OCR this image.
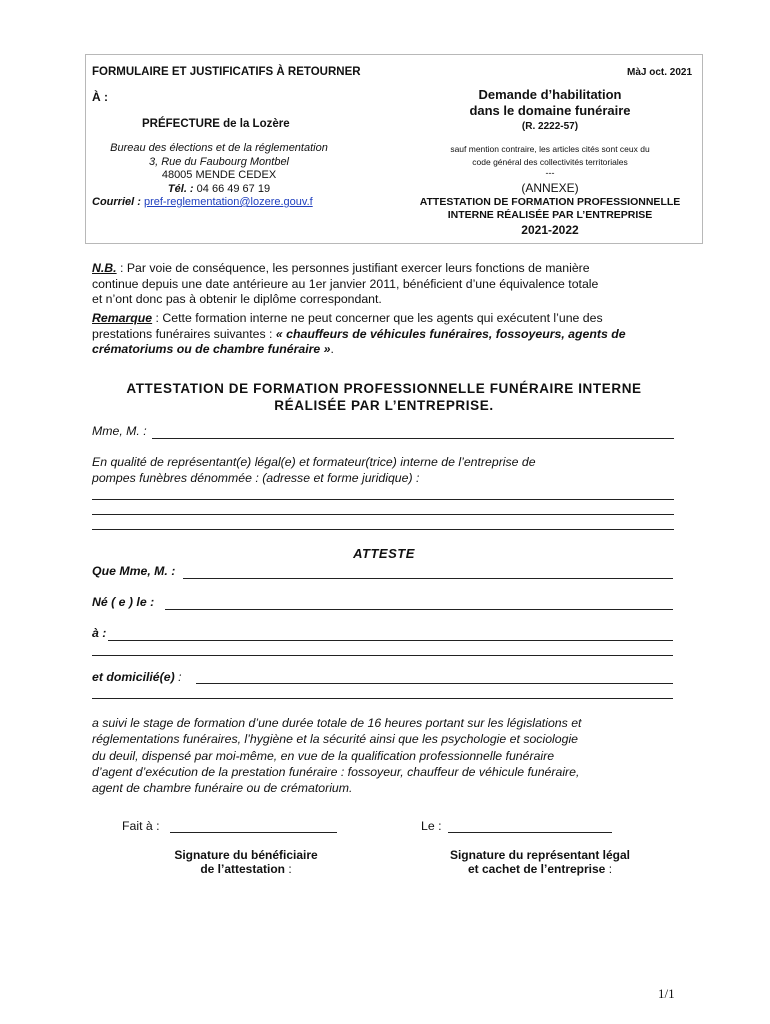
FORMULAIRE ET JUSTIFICATIFS À RETOURNER	MàJ oct. 2021
À :
PRÉFECTURE de la Lozère
Bureau des élections et de la réglementation
3, Rue du Faubourg Montbel
48005 MENDE CEDEX
Tél. : 04 66 49 67 19
Courriel : pref-reglementation@lozere.gouv.f
Demande d’habilitation
dans le domaine funéraire
(R. 2222-57)
sauf mention contraire, les articles cités sont ceux du
code général des collectivités territoriales
---
(ANNEXE)
ATTESTATION DE FORMATION PROFESSIONNELLE
INTERNE RÉALISÉE PAR L’ENTREPRISE
2021-2022
N.B. : Par voie de conséquence, les personnes justifiant exercer leurs fonctions de manière
continue depuis une date antérieure au 1er janvier 2011, bénéficient d’une équivalence totale
et n’ont donc pas à obtenir le diplôme correspondant.
Remarque : Cette formation interne ne peut concerner que les agents qui exécutent l’une des
prestations funéraires suivantes : « chauffeurs de véhicules funéraires, fossoyeurs, agents de
crématoriums ou de chambre funéraire ».
ATTESTATION DE FORMATION PROFESSIONNELLE FUNÉRAIRE INTERNE
RÉALISÉE PAR L’ENTREPRISE.
Mme, M. :
En qualité de représentant(e) légal(e) et formateur(trice) interne de l’entreprise de
pompes funèbres dénommée : (adresse et forme juridique) :
ATTESTE
Que Mme, M. :
Né ( e ) le :
à :
et domicilié(e) :
a suivi le stage de formation d’une durée totale de 16 heures portant sur les législations et
réglementations funéraires, l’hygiène et la sécurité ainsi que les psychologie et sociologie
du deuil, dispensé par moi-même, en vue de la qualification professionnelle funéraire
d’agent d’exécution de la prestation funéraire : fossoyeur, chauffeur de véhicule funéraire,
agent de chambre funéraire ou de crématorium.
Fait à :	Le :
Signature du bénéficiaire
de l’attestation :
Signature du représentant légal
et cachet de l’entreprise :
1/1
